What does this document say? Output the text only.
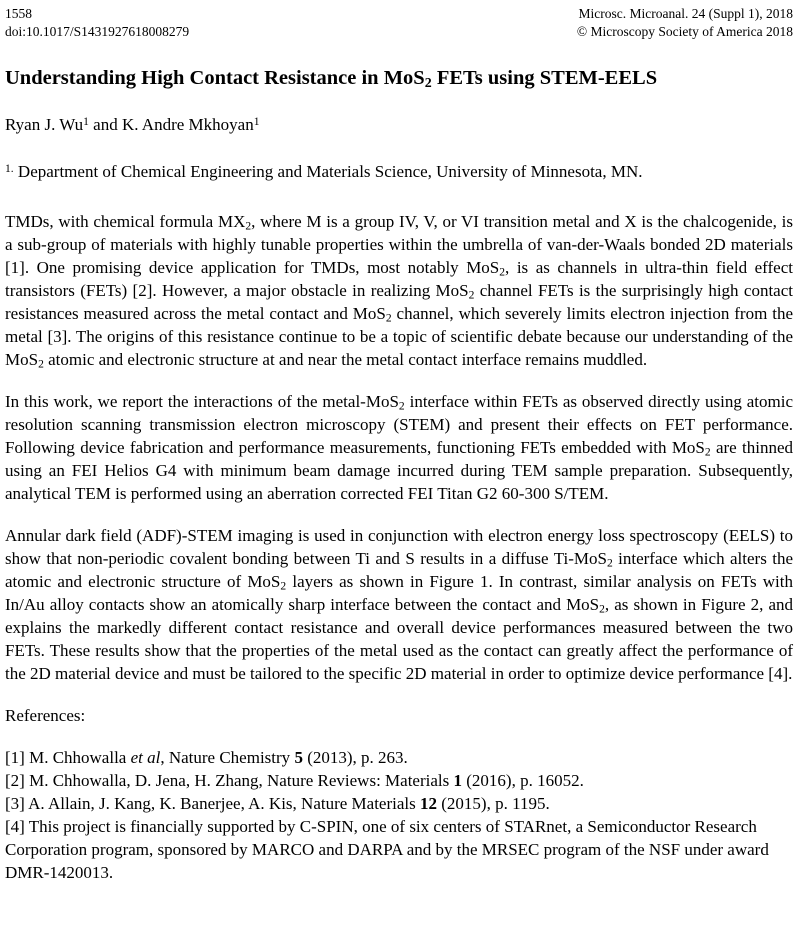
1558
doi:10.1017/S1431927618008279
Microsc. Microanal. 24 (Suppl 1), 2018
© Microscopy Society of America 2018
Understanding High Contact Resistance in MoS$_2$ FETs using STEM-EELS
Ryan J. Wu$^1$ and K. Andre Mkhoyan$^1$
$^{1.}$ Department of Chemical Engineering and Materials Science, University of Minnesota, MN.

TMDs, with chemical formula $MX_2$, where M is a group IV, V, or VI transition metal and X is the chalcogenide, is a sub-group of materials with highly tunable properties within the umbrella of van-der-Waals bonded 2D materials [1]. One promising device application for TMDs, most notably MoS$_2$, is as channels in ultra-thin field effect transistors (FETs) [2]. However, a major obstacle in realizing MoS$_2$ channel FETs is the surprisingly high contact resistances measured across the metal contact and MoS$_2$ channel, which severely limits electron injection from the metal [3]. The origins of this resistance continue to be a topic of scientific debate because our understanding of the MoS$_2$ atomic and electronic structure at and near the metal contact interface remains muddled.

In this work, we report the interactions of the metal-MoS$_2$ interface within FETs as observed directly using atomic resolution scanning transmission electron microscopy (STEM) and present their effects on FET performance. Following device fabrication and performance measurements, functioning FETs embedded with MoS$_2$ are thinned using an FEI Helios G4 with minimum beam damage incurred during TEM sample preparation. Subsequently, analytical TEM is performed using an aberration corrected FEI Titan G2 60-300 S/TEM.

Annular dark field (ADF)-STEM imaging is used in conjunction with electron energy loss spectroscopy (EELS) to show that non-periodic covalent bonding between Ti and S results in a diffuse Ti-MoS$_2$ interface which alters the atomic and electronic structure of MoS$_2$ layers as shown in Figure 1. In contrast, similar analysis on FETs with In/Au alloy contacts show an atomically sharp interface between the contact and MoS$_2$, as shown in Figure 2, and explains the markedly different contact resistance and overall device performances measured between the two FETs. These results show that the properties of the metal used as the contact can greatly affect the performance of the 2D material device and must be tailored to the specific 2D material in order to optimize device performance [4].

References:
[1] M. Chhowalla et al, Nature Chemistry 5 (2013), p. 263.
[2] M. Chhowalla, D. Jena, H. Zhang, Nature Reviews: Materials 1 (2016), p. 16052.
[3] A. Allain, J. Kang, K. Banerjee, A. Kis, Nature Materials 12 (2015), p. 1195.
[4] This project is financially supported by C-SPIN, one of six centers of STARnet, a Semiconductor Research Corporation program, sponsored by MARCO and DARPA and by the MRSEC program of the NSF under award DMR-1420013.
